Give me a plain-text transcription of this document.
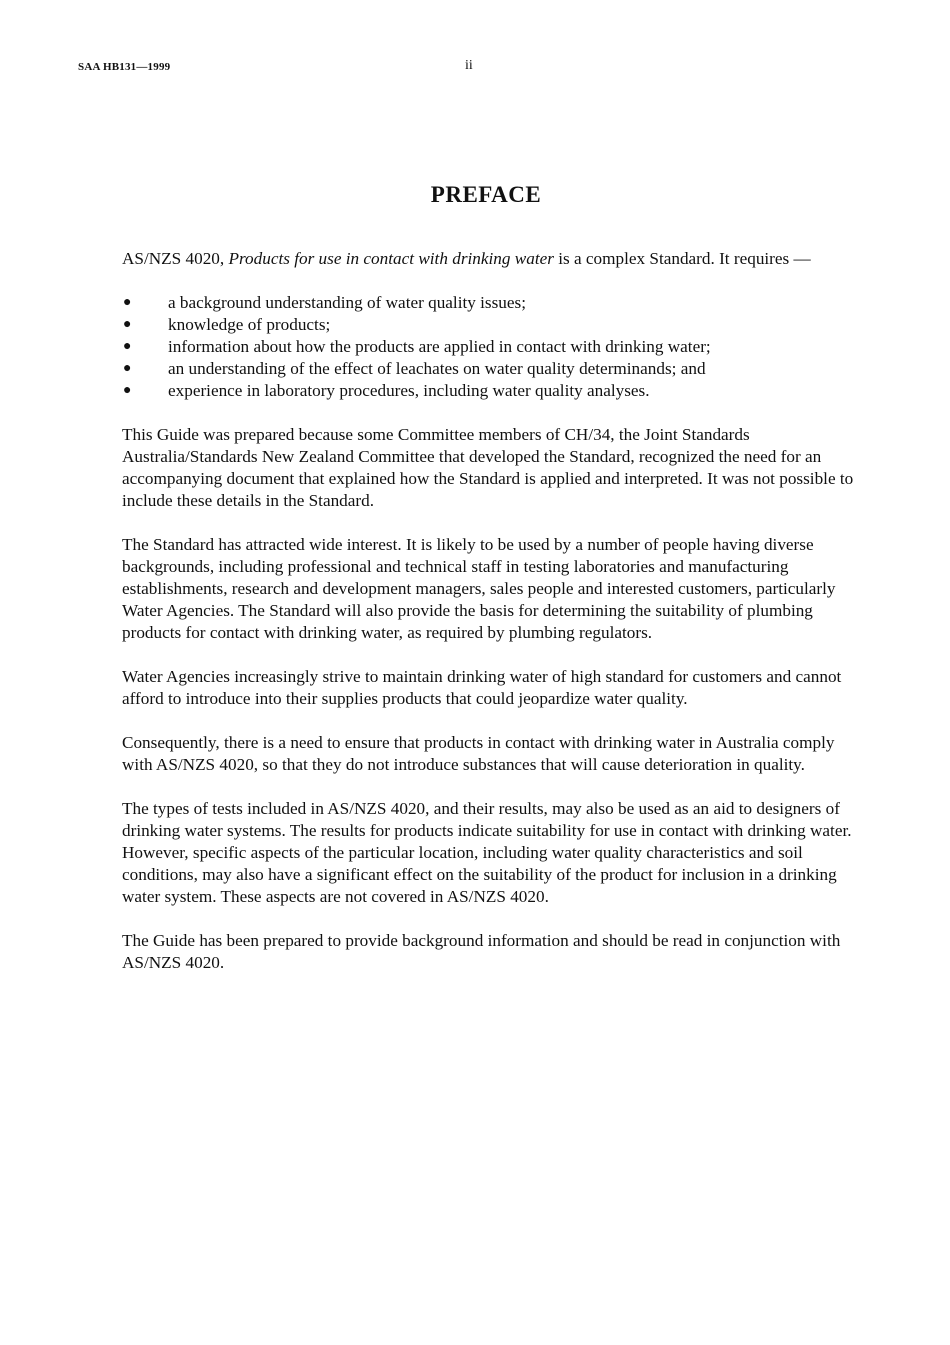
SAA HB131—1999	ii
PREFACE

AS/NZS 4020, Products for use in contact with drinking water is a complex Standard. It requires —

● a background understanding of water quality issues;
● knowledge of products;
● information about how the products are applied in contact with drinking water;
● an understanding of the effect of leachates on water quality determinands; and
● experience in laboratory procedures, including water quality analyses.

This Guide was prepared because some Committee members of CH/34, the Joint Standards Australia/Standards New Zealand Committee that developed the Standard, recognized the need for an accompanying document that explained how the Standard is applied and interpreted. It was not possible to include these details in the Standard.

The Standard has attracted wide interest. It is likely to be used by a number of people having diverse backgrounds, including professional and technical staff in testing laboratories and manufacturing establishments, research and development managers, sales people and interested customers, particularly Water Agencies. The Standard will also provide the basis for determining the suitability of plumbing products for contact with drinking water, as required by plumbing regulators.

Water Agencies increasingly strive to maintain drinking water of high standard for customers and cannot afford to introduce into their supplies products that could jeopardize water quality.

Consequently, there is a need to ensure that products in contact with drinking water in Australia comply with AS/NZS 4020, so that they do not introduce substances that will cause deterioration in quality.

The types of tests included in AS/NZS 4020, and their results, may also be used as an aid to designers of drinking water systems. The results for products indicate suitability for use in contact with drinking water. However, specific aspects of the particular location, including water quality characteristics and soil conditions, may also have a significant effect on the suitability of the product for inclusion in a drinking water system. These aspects are not covered in AS/NZS 4020.

The Guide has been prepared to provide background information and should be read in conjunction with AS/NZS 4020.
